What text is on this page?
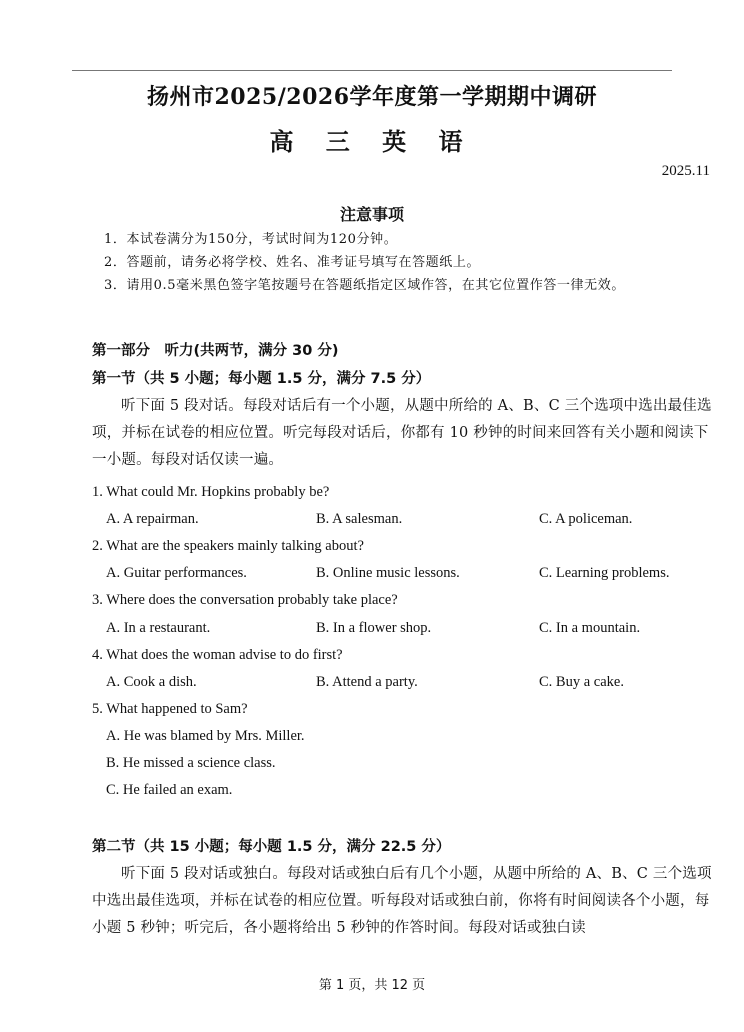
扬州市2025/2026学年度第一学期期中调研
高 三 英 语
2025.11
注意事项
1．本试卷满分为150分，考试时间为120分钟。
2．答题前，请务必将学校、姓名、准考证号填写在答题纸上。
3．请用0.5毫米黑色签字笔按题号在答题纸指定区域作答，在其它位置作答一律无效。
第一部分　听力(共两节，满分 30 分)
第一节（共 5 小题；每小题 1.5 分，满分 7.5 分）
听下面 5 段对话。每段对话后有一个小题，从题中所给的 A、B、C 三个选项中选出最佳选项，并标在试卷的相应位置。听完每段对话后，你都有 10 秒钟的时间来回答有关小题和阅读下一小题。每段对话仅读一遍。
1. What could Mr. Hopkins probably be?
A. A repairman.	B. A salesman.	C. A policeman.
2. What are the speakers mainly talking about?
A. Guitar performances.	B. Online music lessons.	C. Learning problems.
3. Where does the conversation probably take place?
A. In a restaurant.	B. In a flower shop.	C. In a mountain.
4. What does the woman advise to do first?
A. Cook a dish.	B. Attend a party.	C. Buy a cake.
5. What happened to Sam?
A. He was blamed by Mrs. Miller.
B. He missed a science class.
C. He failed an exam.
第二节（共 15 小题；每小题 1.5 分，满分 22.5 分）
听下面 5 段对话或独白。每段对话或独白后有几个小题，从题中所给的 A、B、C 三个选项中选出最佳选项，并标在试卷的相应位置。听每段对话或独白前，你将有时间阅读各个小题，每小题 5 秒钟；听完后，各小题将给出 5 秒钟的作答时间。每段对话或独白读
第 1 页，共 12 页
